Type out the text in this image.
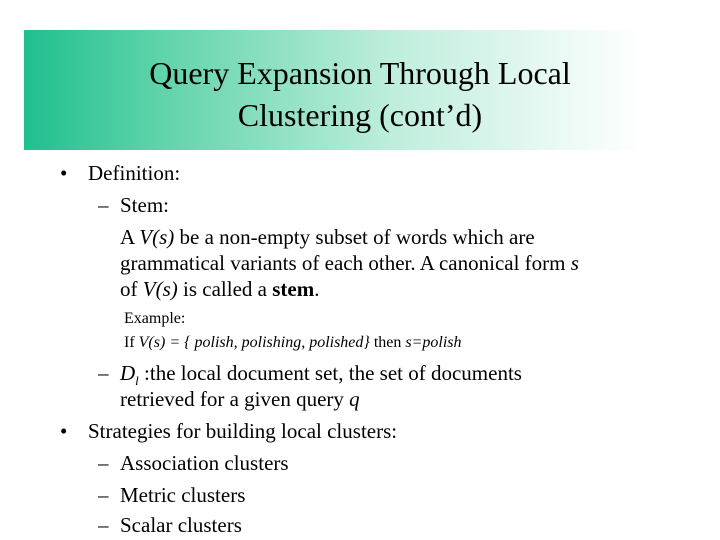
Query Expansion Through Local
Clustering (cont’d)
• Definition:
– Stem:
A V(s) be a non-empty subset of words which are
grammatical variants of each other. A canonical form s
of V(s) is called a stem.
Example:
If V(s) = { polish, polishing, polished} then s=polish
– $D_l$ :the local document set, the set of documents
retrieved for a given query q
• Strategies for building local clusters:
– Association clusters
– Metric clusters
– Scalar clusters
